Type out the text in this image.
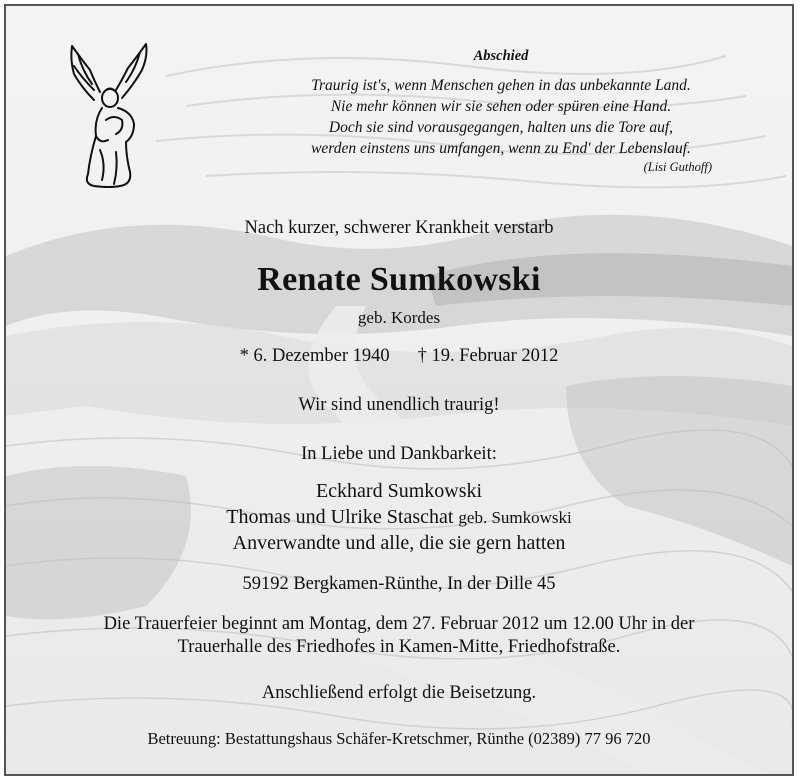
Abschied
Traurig ist's, wenn Menschen gehen in das unbekannte Land.
Nie mehr können wir sie sehen oder spüren eine Hand.
Doch sie sind vorausgegangen, halten uns die Tore auf,
werden einstens uns umfangen, wenn zu End' der Lebenslauf.
(Lisi Guthoff)
Nach kurzer, schwerer Krankheit verstarb
Renate Sumkowski
geb. Kordes
* 6. Dezember 1940 † 19. Februar 2012
Wir sind unendlich traurig!
In Liebe und Dankbarkeit:
Eckhard Sumkowski
Thomas und Ulrike Staschat geb. Sumkowski
Anverwandte und alle, die sie gern hatten
59192 Bergkamen-Rünthe, In der Dille 45
Die Trauerfeier beginnt am Montag, dem 27. Februar 2012 um 12.00 Uhr in der
Trauerhalle des Friedhofes in Kamen-Mitte, Friedhofstraße.
Anschließend erfolgt die Beisetzung.
Betreuung: Bestattungshaus Schäfer-Kretschmer, Rünthe (02389) 77 96 720
